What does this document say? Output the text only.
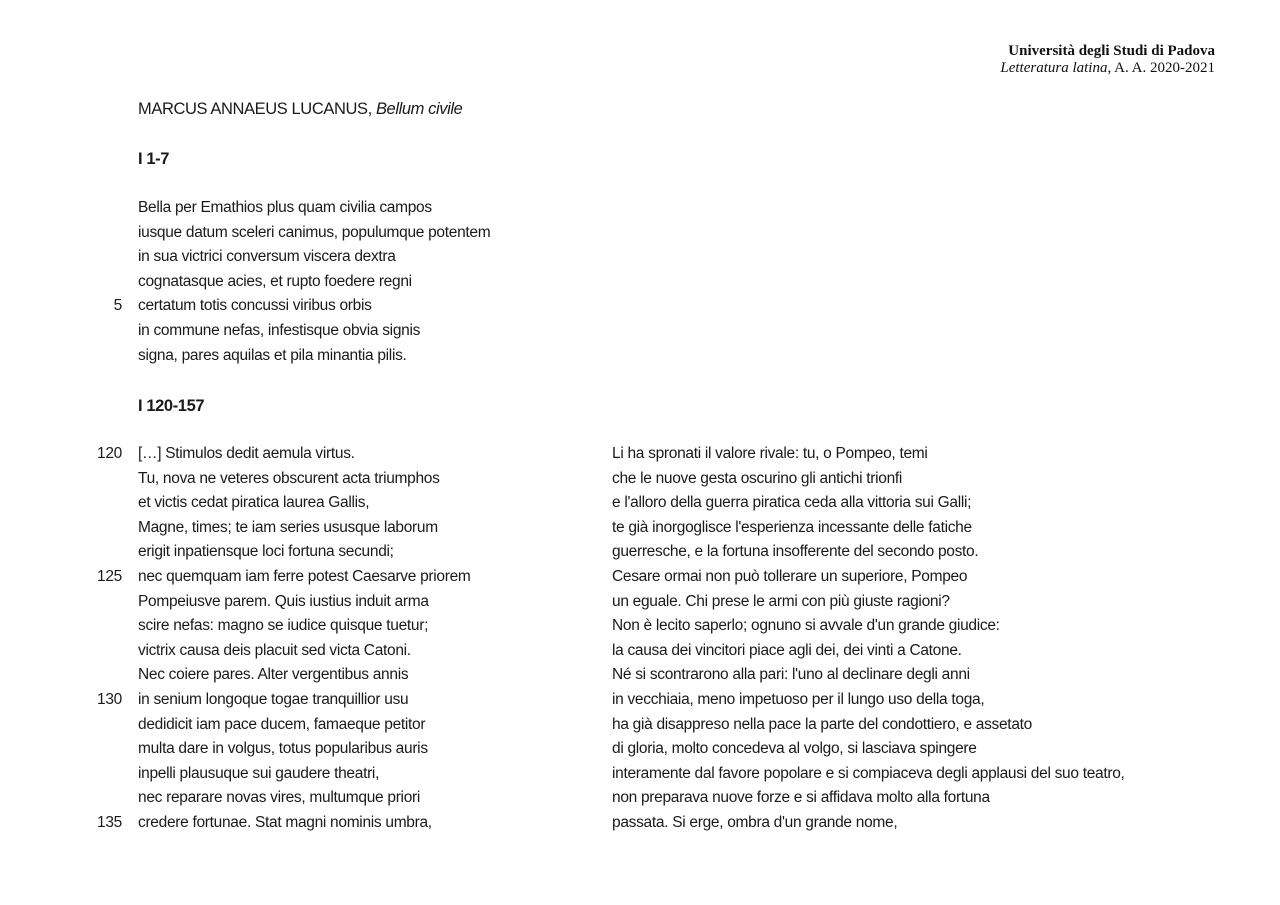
Università degli Studi di Padova
Letteratura latina, A. A. 2020-2021
MARCUS ANNAEUS LUCANUS, Bellum civile
I 1-7
Bella per Emathios plus quam civilia campos
iusque datum sceleri canimus, populumque potentem
in sua victrici conversum viscera dextra
cognatasque acies, et rupto foedere regni
5 certatum totis concussi viribus orbis
in commune nefas, infestisque obvia signis
signa, pares aquilas et pila minantia pilis.
I 120-157
120 […] Stimulos dedit aemula virtus.	Li ha spronati il valore rivale: tu, o Pompeo, temi
Tu, nova ne veteres obscurent acta triumphos	che le nuove gesta oscurino gli antichi trionfi
et victis cedat piratica laurea Gallis,	e l'alloro della guerra piratica ceda alla vittoria sui Galli;
Magne, times; te iam series ususque laborum	te già inorgoglisce l'esperienza incessante delle fatiche
erigit inpatiensque loci fortuna secundi;	guerresche, e la fortuna insofferente del secondo posto.
125 nec quemquam iam ferre potest Caesarve priorem	Cesare ormai non può tollerare un superiore, Pompeo
Pompeiusve parem. Quis iustius induit arma	un eguale. Chi prese le armi con più giuste ragioni?
scire nefas: magno se iudice quisque tuetur;	Non è lecito saperlo; ognuno si avvale d'un grande giudice:
victrix causa deis placuit sed victa Catoni.	la causa dei vincitori piace agli dei, dei vinti a Catone.
Nec coiere pares. Alter vergentibus annis	Né si scontrarono alla pari: l'uno al declinare degli anni
130 in senium longoque togae tranquillior usu	in vecchiaia, meno impetuoso per il lungo uso della toga,
dedidicit iam pace ducem, famaeque petitor	ha già disappreso nella pace la parte del condottiero, e assetato
multa dare in volgus, totus popularibus auris	di gloria, molto concedeva al volgo, si lasciava spingere
inpelli plausuque sui gaudere theatri,	interamente dal favore popolare e si compiaceva degli applausi del suo teatro,
nec reparare novas vires, multumque priori	non preparava nuove forze e si affidava molto alla fortuna
135 credere fortunae. Stat magni nominis umbra,	passata. Si erge, ombra d'un grande nome,
